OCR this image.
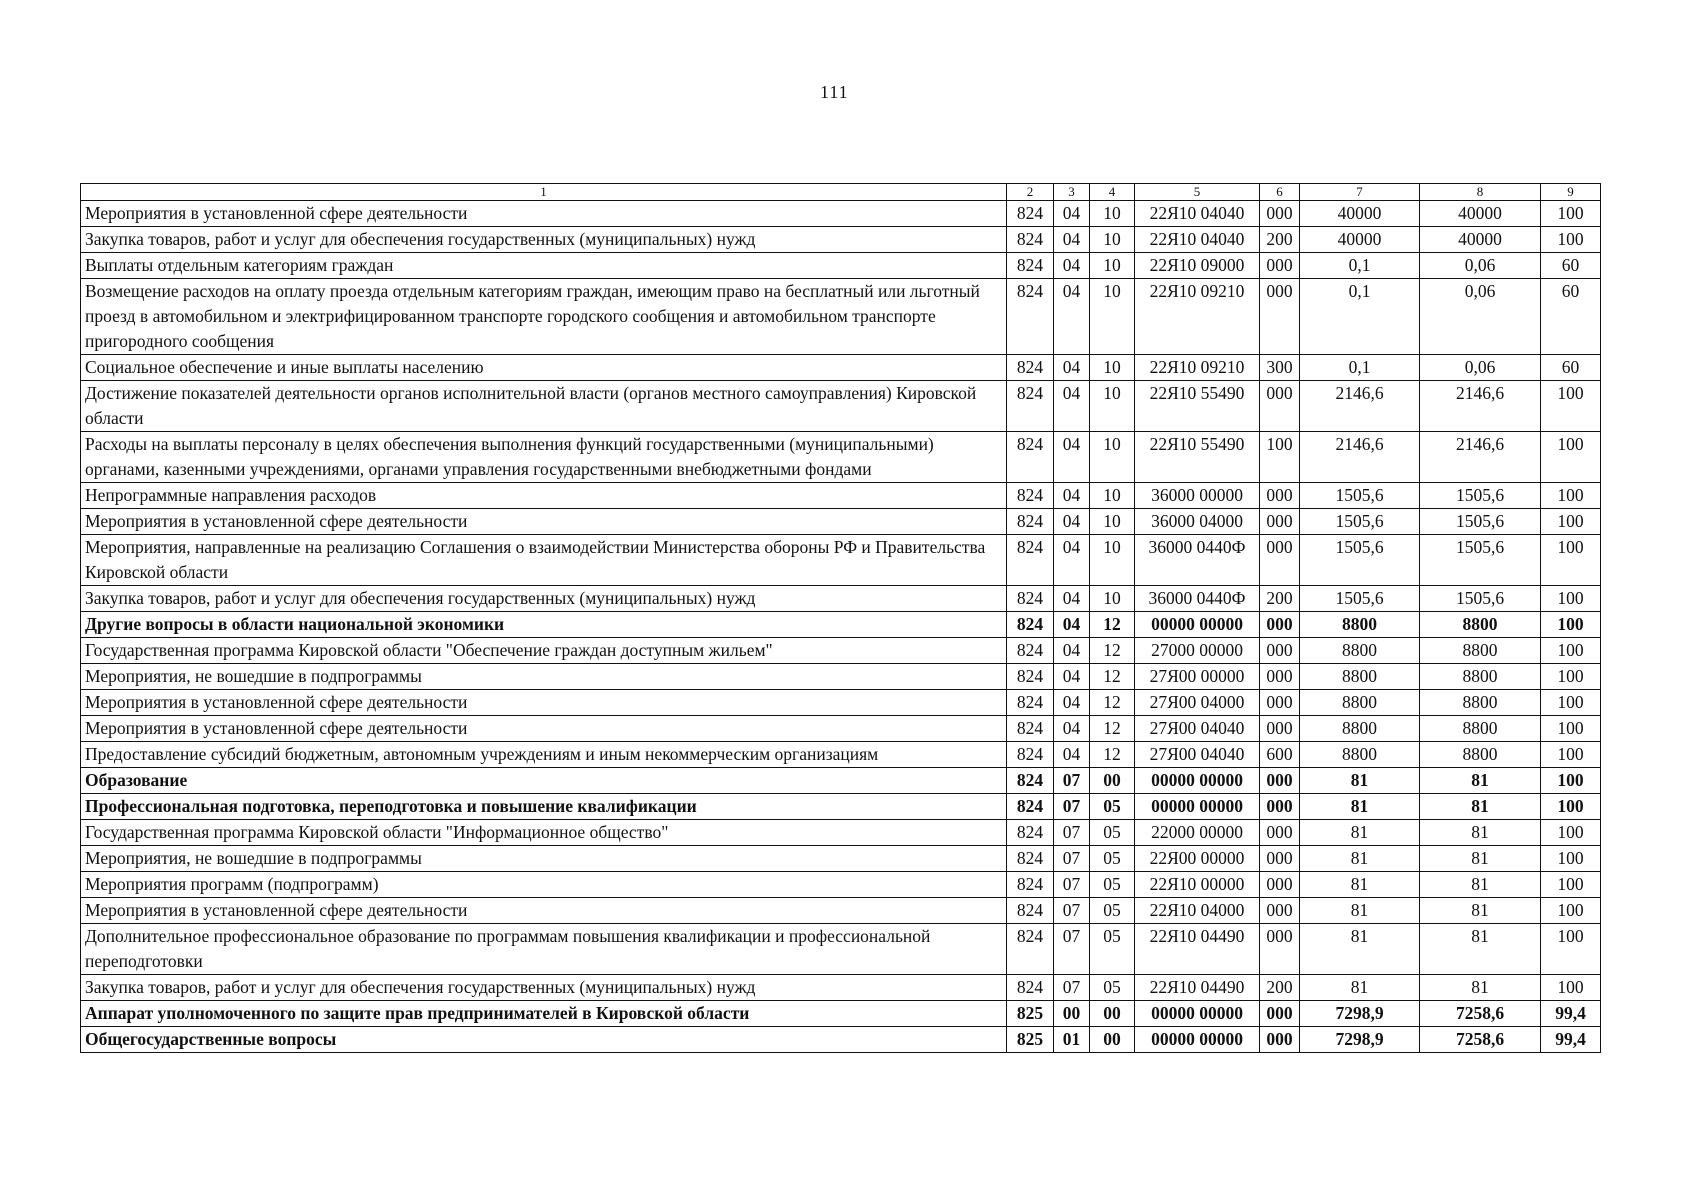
111
1	2	3	4	5	6	7	8	9
Мероприятия в установленной сфере деятельности	824	04	10	22Я10 04040	000	40000	40000	100
Закупка товаров, работ и услуг для обеспечения государственных (муниципальных) нужд	824	04	10	22Я10 04040	200	40000	40000	100
Выплаты отдельным категориям граждан	824	04	10	22Я10 09000	000	0,1	0,06	60
Возмещение расходов на оплату проезда отдельным категориям граждан, имеющим право на бесплатный или льготный проезд в автомобильном и электрифицированном транспорте городского сообщения и автомобильном транспорте пригородного сообщения	824	04	10	22Я10 09210	000	0,1	0,06	60
Социальное обеспечение и иные выплаты населению	824	04	10	22Я10 09210	300	0,1	0,06	60
Достижение показателей деятельности органов исполнительной власти (органов местного самоуправления) Кировской области	824	04	10	22Я10 55490	000	2146,6	2146,6	100
Расходы на выплаты персоналу в целях обеспечения выполнения функций государственными (муниципальными) органами, казенными учреждениями, органами управления государственными внебюджетными фондами	824	04	10	22Я10 55490	100	2146,6	2146,6	100
Непрограммные направления расходов	824	04	10	36000 00000	000	1505,6	1505,6	100
Мероприятия в установленной сфере деятельности	824	04	10	36000 04000	000	1505,6	1505,6	100
Мероприятия, направленные на реализацию Соглашения о взаимодействии Министерства обороны РФ и Правительства Кировской области	824	04	10	36000 0440Ф	000	1505,6	1505,6	100
Закупка товаров, работ и услуг для обеспечения государственных (муниципальных) нужд	824	04	10	36000 0440Ф	200	1505,6	1505,6	100
Другие вопросы в области национальной экономики	824	04	12	00000 00000	000	8800	8800	100
Государственная программа Кировской области "Обеспечение граждан доступным жильем"	824	04	12	27000 00000	000	8800	8800	100
Мероприятия, не вошедшие в подпрограммы	824	04	12	27Я00 00000	000	8800	8800	100
Мероприятия в установленной сфере деятельности	824	04	12	27Я00 04000	000	8800	8800	100
Мероприятия в установленной сфере деятельности	824	04	12	27Я00 04040	000	8800	8800	100
Предоставление субсидий бюджетным, автономным учреждениям и иным некоммерческим организациям	824	04	12	27Я00 04040	600	8800	8800	100
Образование	824	07	00	00000 00000	000	81	81	100
Профессиональная подготовка, переподготовка и повышение квалификации	824	07	05	00000 00000	000	81	81	100
Государственная программа Кировской области "Информационное общество"	824	07	05	22000 00000	000	81	81	100
Мероприятия, не вошедшие в подпрограммы	824	07	05	22Я00 00000	000	81	81	100
Мероприятия программ (подпрограмм)	824	07	05	22Я10 00000	000	81	81	100
Мероприятия в установленной сфере деятельности	824	07	05	22Я10 04000	000	81	81	100
Дополнительное профессиональное образование по программам повышения квалификации и профессиональной переподготовки	824	07	05	22Я10 04490	000	81	81	100
Закупка товаров, работ и услуг для обеспечения государственных (муниципальных) нужд	824	07	05	22Я10 04490	200	81	81	100
Аппарат уполномоченного по защите прав предпринимателей в Кировской области	825	00	00	00000 00000	000	7298,9	7258,6	99,4
Общегосударственные вопросы	825	01	00	00000 00000	000	7298,9	7258,6	99,4
